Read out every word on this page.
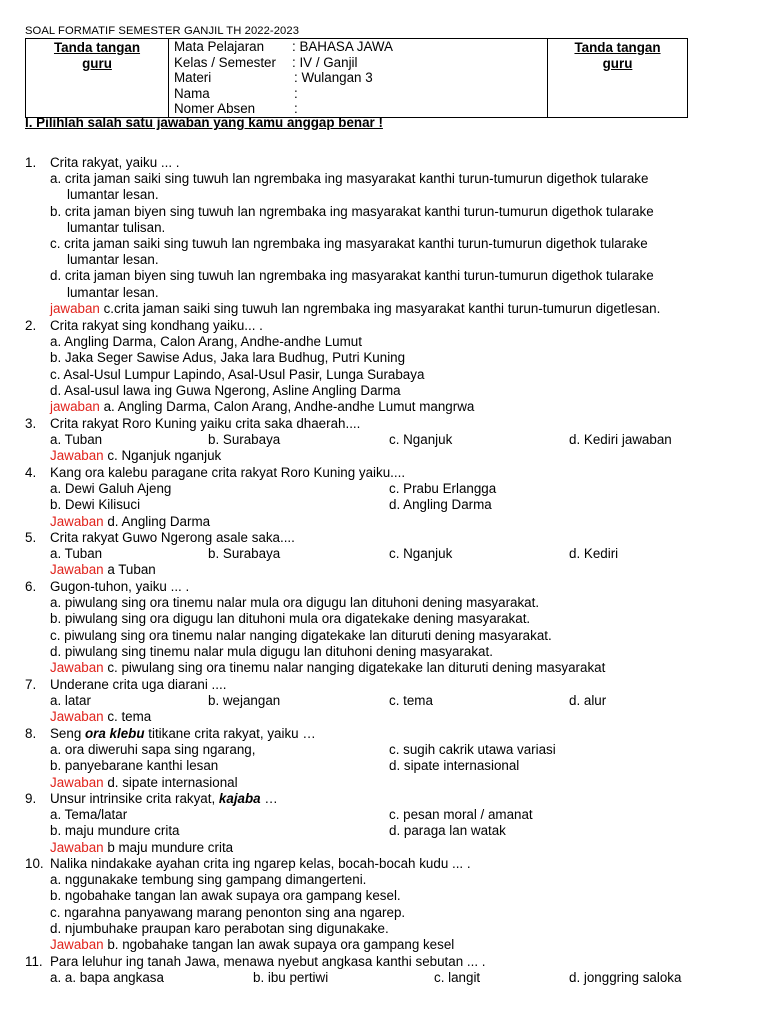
SOAL FORMATIF SEMESTER GANJIL TH 2022-2023
Tanda tangan
guru	
Mata Pelajaran	: BAHASA JAWA
Kelas / Semester	: IV / Ganjil
Materi	: Wulangan 3
Nama	:
Nomer Absen	:
	Tanda tangan
guru
I. Pilihlah salah satu jawaban yang kamu anggap benar !
1.	Crita rakyat, yaiku ... .
a. crita jaman saiki sing tuwuh lan ngrembaka ing masyarakat kanthi turun-tumurun digethok tularake
lumantar lesan.
b. crita jaman biyen sing tuwuh lan ngrembaka ing masyarakat kanthi turun-tumurun digethok tularake
lumantar tulisan.
c. crita jaman saiki sing tuwuh lan ngrembaka ing masyarakat kanthi turun-tumurun digethok tularake
lumantar lesan.
d. crita jaman biyen sing tuwuh lan ngrembaka ing masyarakat kanthi turun-tumurun digethok tularake
lumantar lesan.
jawaban c.crita jaman saiki sing tuwuh lan ngrembaka ing masyarakat kanthi turun-tumurun digetlesan.
2.	Crita rakyat sing kondhang yaiku... .
a. Angling Darma, Calon Arang, Andhe-andhe Lumut
b. Jaka Seger Sawise Adus, Jaka lara Budhug, Putri Kuning
c. Asal-Usul Lumpur Lapindo, Asal-Usul Pasir, Lunga Surabaya
d. Asal-usul lawa ing Guwa Ngerong, Asline Angling Darma
jawaban a. Angling Darma, Calon Arang, Andhe-andhe Lumut mangrwa
3.	Crita rakyat Roro Kuning yaiku crita saka dhaerah....
a. Tuban	b. Surabaya	c. Nganjuk	d. Kediri jawaban
Jawaban c. Nganjuk nganjuk
4.	Kang ora kalebu paragane crita rakyat Roro Kuning yaiku....
a. Dewi Galuh Ajeng	c. Prabu Erlangga
b. Dewi Kilisuci	d. Angling Darma
Jawaban d. Angling Darma
5.	Crita rakyat Guwo Ngerong asale saka....
a. Tuban	b. Surabaya	c. Nganjuk	d. Kediri
Jawaban a Tuban
6.	Gugon-tuhon, yaiku ... .
a. piwulang sing ora tinemu nalar mula ora digugu lan dituhoni dening masyarakat.
b. piwulang sing ora digugu lan dituhoni mula ora digatekake dening masyarakat.
c. piwulang sing ora tinemu nalar nanging digatekake lan dituruti dening masyarakat.
d. piwulang sing tinemu nalar mula digugu lan dituhoni dening masyarakat.
Jawaban c. piwulang sing ora tinemu nalar nanging digatekake lan dituruti dening masyarakat
7.	Underane crita uga diarani ....
a. latar	b. wejangan	c. tema	d. alur
Jawaban c. tema
8.	Seng ora klebu titikane crita rakyat, yaiku …
a. ora diweruhi sapa sing ngarang,	c. sugih cakrik utawa variasi
b. panyebarane kanthi lesan	d. sipate internasional
Jawaban d. sipate internasional
9.	Unsur intrinsike crita rakyat, kajaba …
a. Tema/latar	c. pesan moral / amanat
b. maju mundure crita	d. paraga lan watak
Jawaban b maju mundure crita
10. Nalika nindakake ayahan crita ing ngarep kelas, bocah-bocah kudu ... .
a. nggunakake tembung sing gampang dimangerteni.
b. ngobahake tangan lan awak supaya ora gampang kesel.
c. ngarahna panyawang marang penonton sing ana ngarep.
d. njumbuhake praupan karo perabotan sing digunakake.
Jawaban b. ngobahake tangan lan awak supaya ora gampang kesel
11. Para leluhur ing tanah Jawa, menawa nyebut angkasa kanthi sebutan ... .
a. a. bapa angkasa	b. ibu pertiwi	c. langit	d. jonggring saloka
